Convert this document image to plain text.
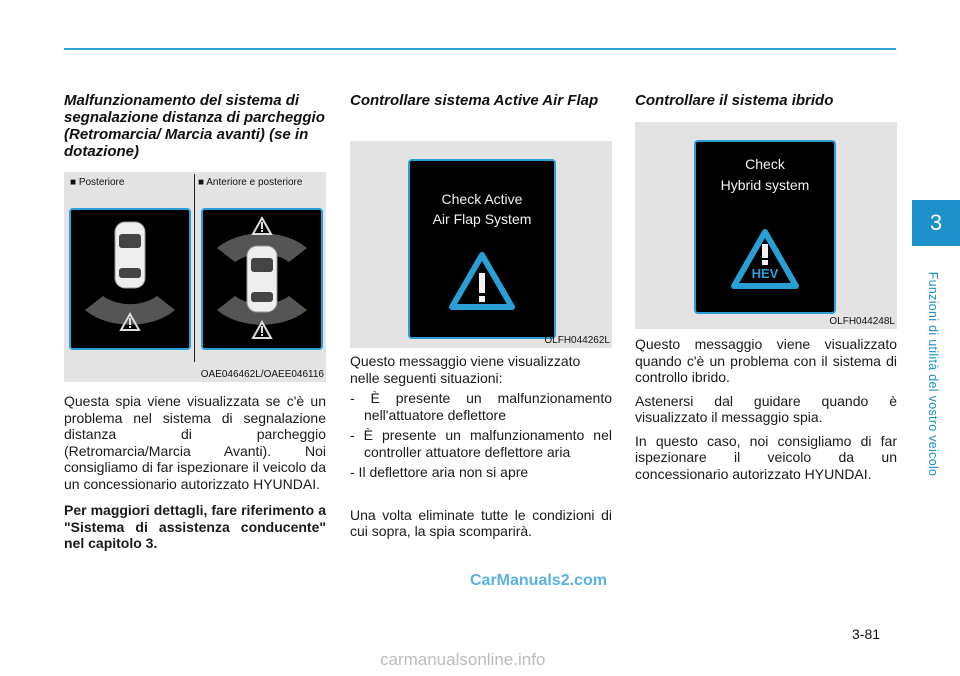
3
Funzioni di utilità del vostro veicolo
Malfunzionamento del sistema di segnalazione distanza di parcheggio (Retromarcia/ Marcia avanti) (se in dotazione)
■ Posteriore	■ Anteriore e posteriore
OAE046462L/OAEE046116

Questa spia viene visualizzata se c'è un problema nel sistema di segnalazione distanza di parcheggio (Retromarcia/Marcia Avanti). Noi consigliamo di far ispezionare il veicolo da un concessionario autorizzato HYUNDAI.

Per maggiori dettagli, fare riferimento a "Sistema di assistenza conducente" nel capitolo 3.

Controllare sistema Active Air Flap
Check Active
Air Flap System
OLFH044262L

Questo messaggio viene visualizzato nelle seguenti situazioni:

- È presente un malfunzionamento nell'attuatore deflettore

- È presente un malfunzionamento nel controller attuatore deflettore aria

- Il deflettore aria non si apre

Una volta eliminate tutte le condizioni di cui sopra, la spia scomparirà.

Controllare il sistema ibrido
Check
Hybrid system
HEV
OLFH044248L

Questo messaggio viene visualizzato quando c'è un problema con il sistema di controllo ibrido.

Astenersi dal guidare quando è visualizzato il messaggio spia.

In questo caso, noi consigliamo di far ispezionare il veicolo da un concessionario autorizzato HYUNDAI.

CarManuals2.com
3-81
carmanualsonline.info
